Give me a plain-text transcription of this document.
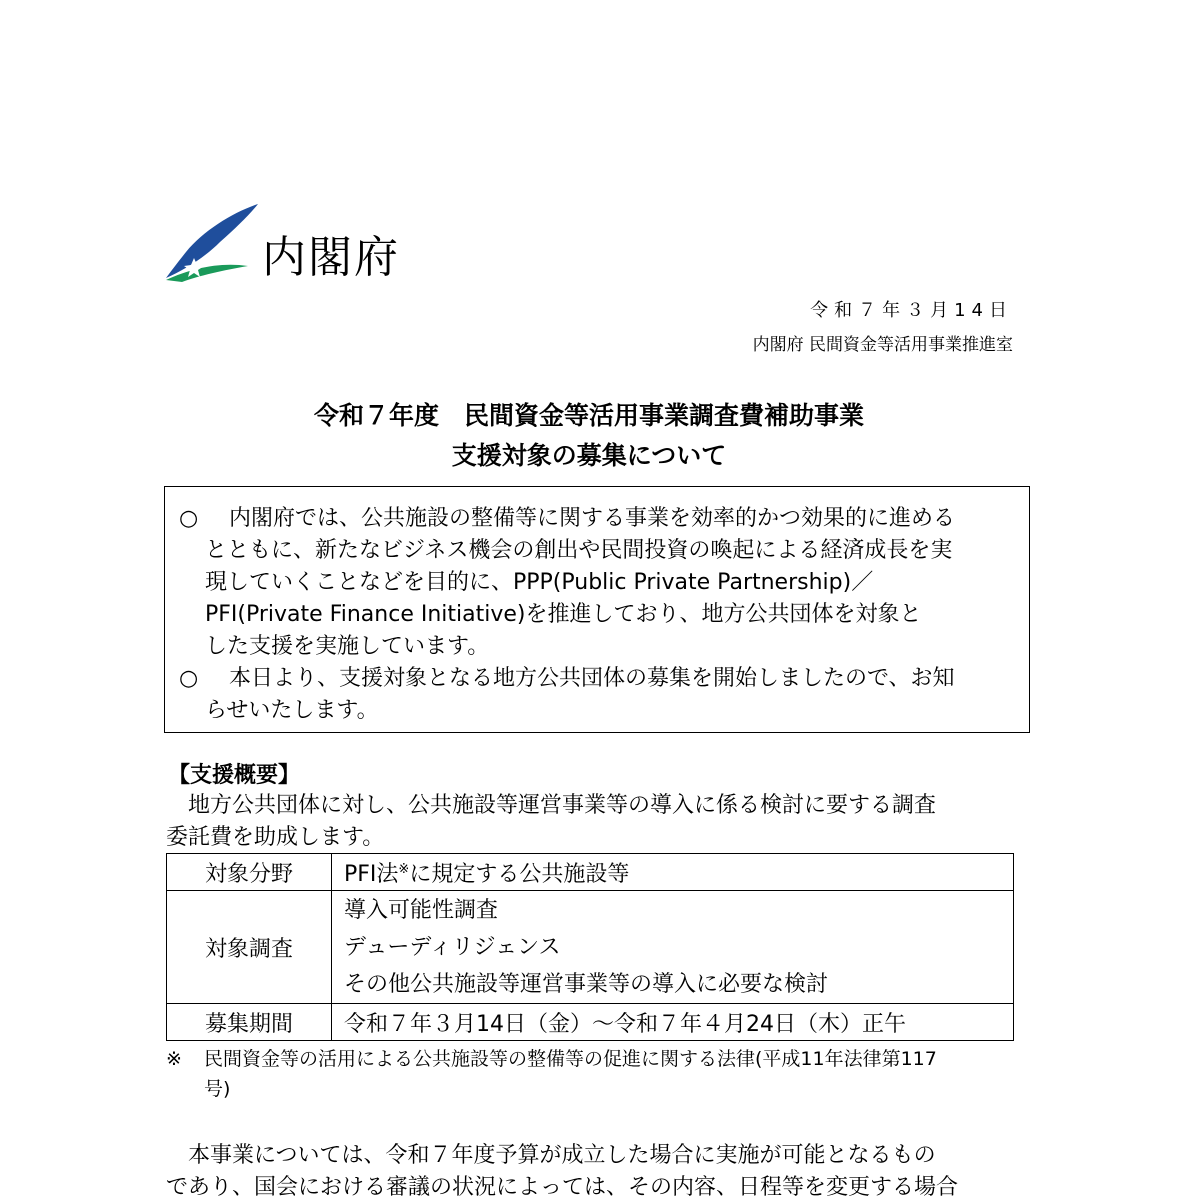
内閣府
令和７年３月14日
内閣府 民間資金等活用事業推進室
令和７年度　民間資金等活用事業調査費補助事業
支援対象の募集について
○ 内閣府では、公共施設の整備等に関する事業を効率的かつ効果的に進める
とともに、新たなビジネス機会の創出や民間投資の喚起による経済成長を実
現していくことなどを目的に、PPP(Public Private Partnership)／
PFI(Private Finance Initiative)を推進しており、地方公共団体を対象と
した支援を実施しています。
○ 本日より、支援対象となる地方公共団体の募集を開始しましたので、お知
らせいたします。
【支援概要】
地方公共団体に対し、公共施設等運営事業等の導入に係る検討に要する調査
委託費を助成します。
対象分野	PFI法※に規定する公共施設等
対象調査	導入可能性調査
デューディリジェンス
その他公共施設等運営事業等の導入に必要な検討

募集期間	令和７年３月14日（金）～令和７年４月24日（木）正午
※ 民間資金等の活用による公共施設等の整備等の促進に関する法律(平成11年法律第117
号)
本事業については、令和７年度予算が成立した場合に実施が可能となるもの
であり、国会における審議の状況によっては、その内容、日程等を変更する場合
